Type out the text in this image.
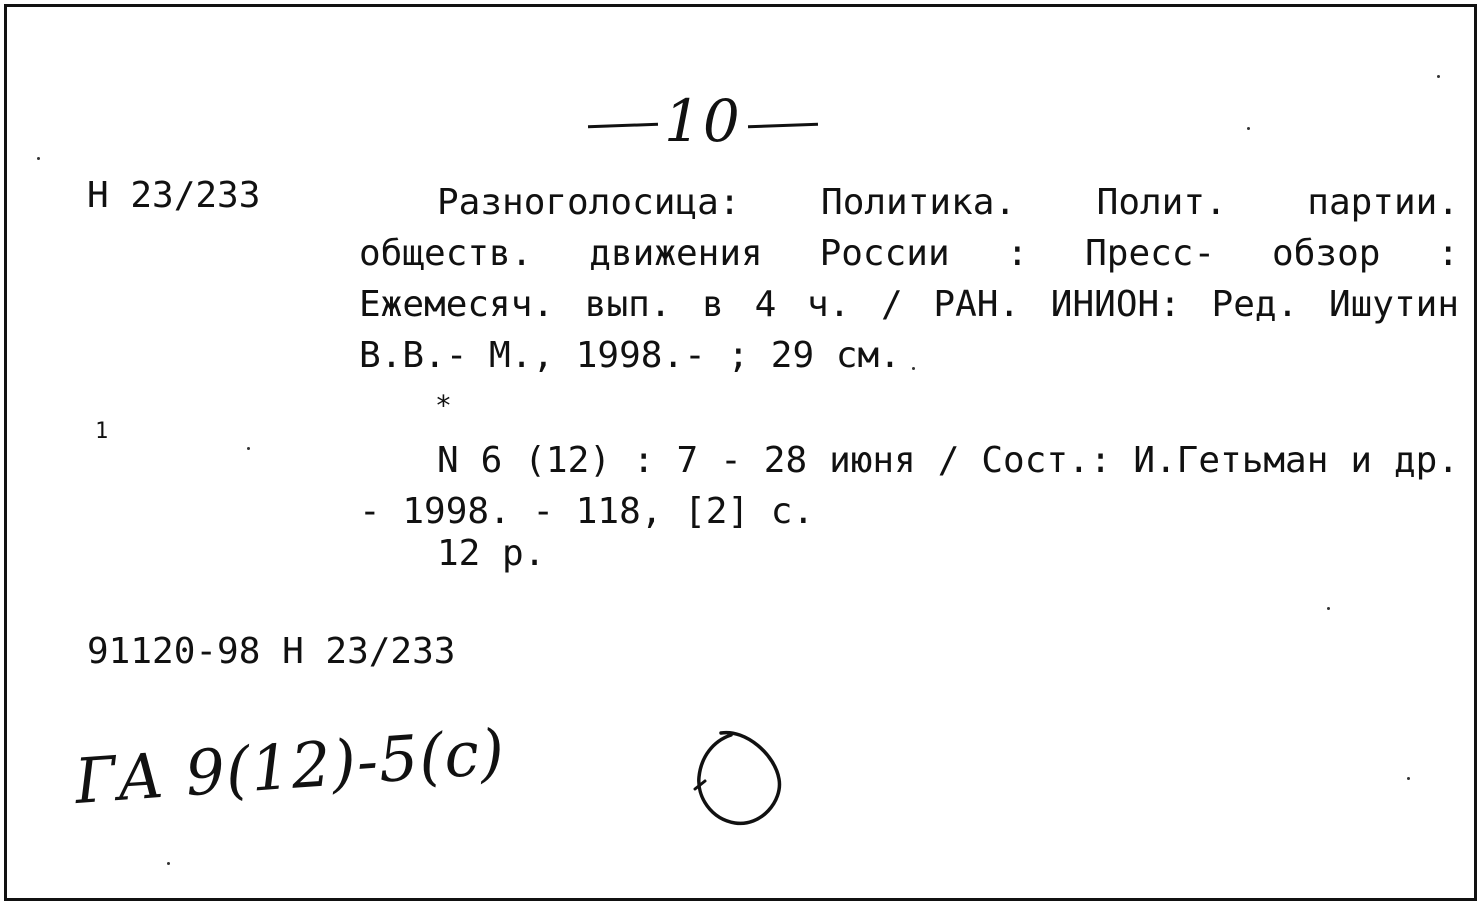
10
Н 23/233	Разноголосица: Политика. Полит. партии. обществ. движения России : Пресс- обзор : Ежемесяч. вып. в 4 ч. / РАН. ИНИОН: Ред. Ишутин В.В.- М., 1998.- ; 29 см.
*
1
N 6 (12) : 7 - 28 июня / Сост.: И.Гетьман и др. - 1998. - 118, [2] с.
12 р.
91120-98 Н 23/233
ГА 9(12)-5(с)
